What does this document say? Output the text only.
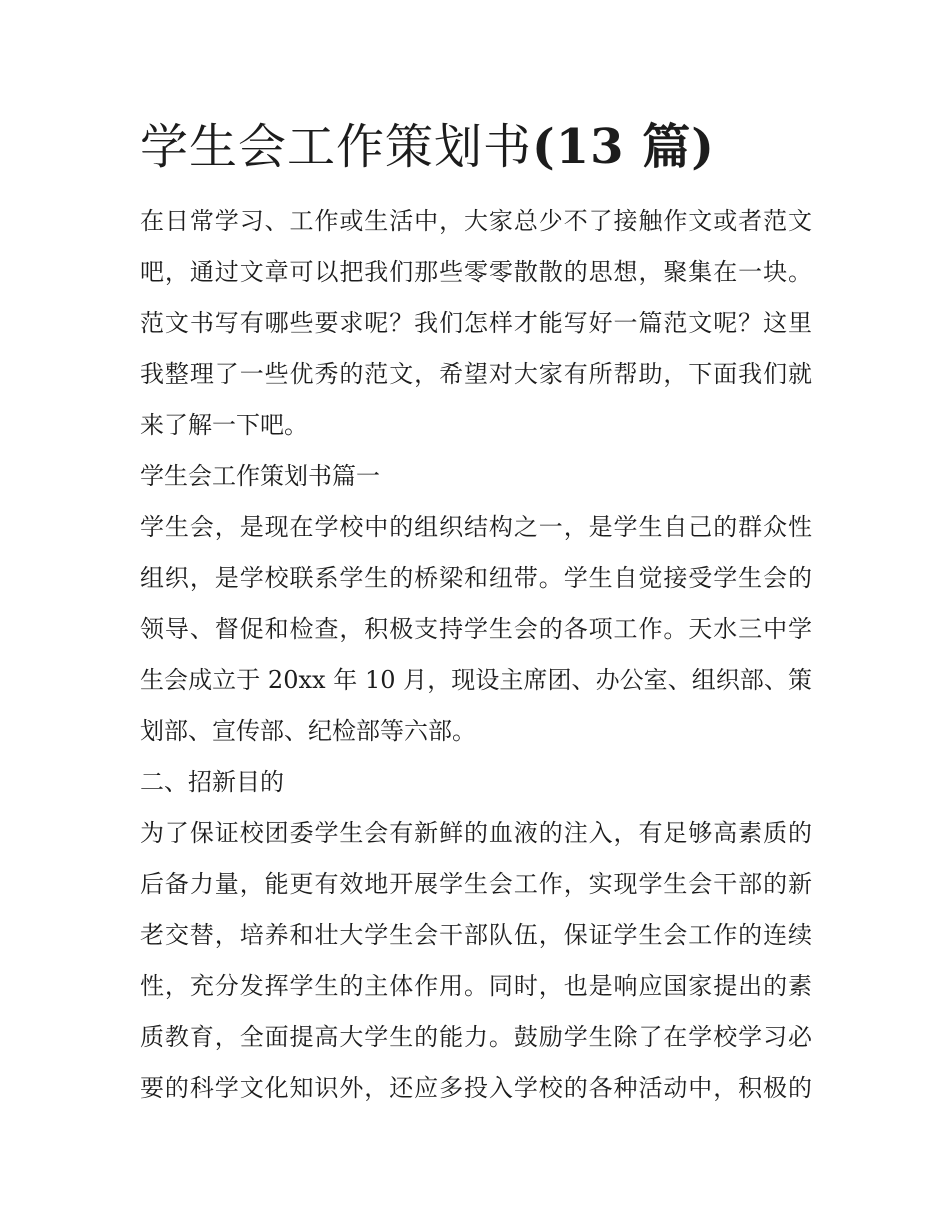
学生会工作策划书(13 篇)
在日常学习、工作或生活中，大家总少不了接触作文或者范文
吧，通过文章可以把我们那些零零散散的思想，聚集在一块。
范文书写有哪些要求呢？我们怎样才能写好一篇范文呢？这里
我整理了一些优秀的范文，希望对大家有所帮助，下面我们就
来了解一下吧。
学生会工作策划书篇一
学生会，是现在学校中的组织结构之一，是学生自己的群众性
组织，是学校联系学生的桥梁和纽带。学生自觉接受学生会的
领导、督促和检查，积极支持学生会的各项工作。天水三中学
生会成立于 20xx 年 10 月，现设主席团、办公室、组织部、策
划部、宣传部、纪检部等六部。
二、招新目的
为了保证校团委学生会有新鲜的血液的注入，有足够高素质的
后备力量，能更有效地开展学生会工作，实现学生会干部的新
老交替，培养和壮大学生会干部队伍，保证学生会工作的连续
性，充分发挥学生的主体作用。同时，也是响应国家提出的素
质教育，全面提高大学生的能力。鼓励学生除了在学校学习必
要的科学文化知识外，还应多投入学校的各种活动中，积极的
